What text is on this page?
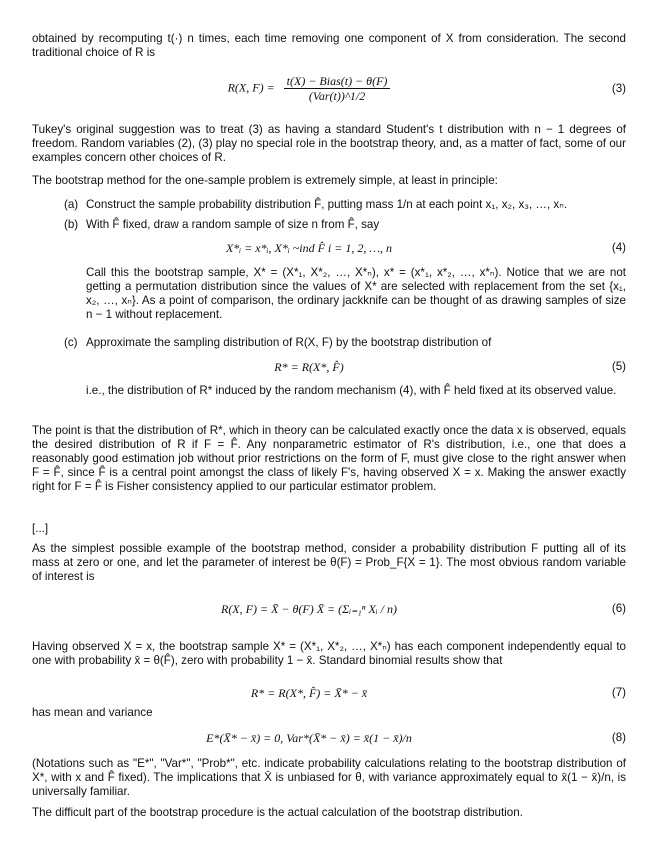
obtained by recomputing t(·) n times, each time removing one component of X from consideration. The second traditional choice of R is

R(X, F) = t(X) − Bias(t) − θ(F)
(Var(t))^1/2
(3)

Tukey's original suggestion was to treat (3) as having a standard Student's t distribution with n − 1 degrees of freedom. Random variables (2), (3) play no special role in the bootstrap theory, and, as a matter of fact, some of our examples concern other choices of R.

The bootstrap method for the one-sample problem is extremely simple, at least in principle:

(a) Construct the sample probability distribution F̂, putting mass 1/n at each point x₁, x₂, x₃, …, xₙ.

(b) With F̂ fixed, draw a random sample of size n from F̂, say

X*ᵢ = x*ᵢ, X*ᵢ ~ind F̂ i = 1, 2, …, n	(4)

Call this the bootstrap sample, X* = (X*₁, X*₂, …, X*ₙ), x* = (x*₁, x*₂, …, x*ₙ). Notice that we are not getting a permutation distribution since the values of X* are selected with replacement from the set {x₁, x₂, …, xₙ}. As a point of comparison, the ordinary jackknife can be thought of as drawing samples of size n − 1 without replacement.

(c) Approximate the sampling distribution of R(X, F) by the bootstrap distribution of

R* = R(X*, F̂)	(5)

i.e., the distribution of R* induced by the random mechanism (4), with F̂ held fixed at its observed value.

The point is that the distribution of R*, which in theory can be calculated exactly once the data x is observed, equals the desired distribution of R if F = F̂. Any nonparametric estimator of R's distribution, i.e., one that does a reasonably good estimation job without prior restrictions on the form of F, must give close to the right answer when F = F̂, since F̂ is a central point amongst the class of likely F's, having observed X = x. Making the answer exactly right for F = F̂ is Fisher consistency applied to our particular estimator problem.

[...]

As the simplest possible example of the bootstrap method, consider a probability distribution F putting all of its mass at zero or one, and let the parameter of interest be θ(F) = Prob_F{X = 1}. The most obvious random variable of interest is

R(X, F) = X̄ − θ(F) X̄ = (Σᵢ₌₁ⁿ Xᵢ / n)	(6)

Having observed X = x, the bootstrap sample X* = (X*₁, X*₂, …, X*ₙ) has each component independently equal to one with probability x̄ = θ(F̂), zero with probability 1 − x̄. Standard binomial results show that

R* = R(X*, F̂) = X̄* − x̄	(7)

has mean and variance

E*(X̄* − x̄) = 0, Var*(X̄* − x̄) = x̄(1 − x̄)/n	(8)

(Notations such as "E*", "Var*", "Prob*", etc. indicate probability calculations relating to the bootstrap distribution of X*, with x and F̂ fixed). The implications that X̄ is unbiased for θ, with variance approximately equal to x̄(1 − x̄)/n, is universally familiar.

The difficult part of the bootstrap procedure is the actual calculation of the bootstrap distribution.
